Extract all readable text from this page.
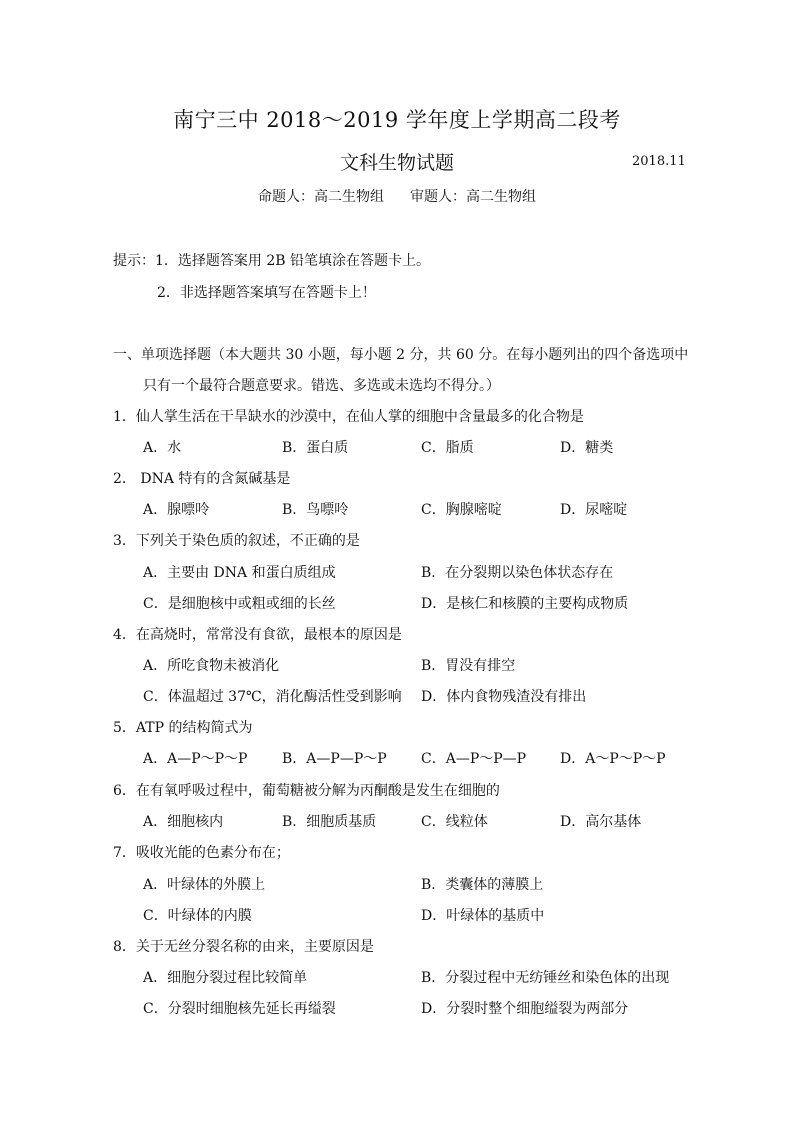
南宁三中 2018～2019 学年度上学期高二段考
文科生物试题	2018.11
命题人：高二生物组 审题人：高二生物组
提示：1．选择题答案用 2B 铅笔填涂在答题卡上。
2．非选择题答案填写在答题卡上！
一、单项选择题（本大题共 30 小题，每小题 2 分，共 60 分。在每小题列出的四个备选项中
只有一个最符合题意要求。错选、多选或未选均不得分。）
1．仙人掌生活在干旱缺水的沙漠中，在仙人掌的细胞中含量最多的化合物是
A．水	B．蛋白质	C．脂质	D．糖类
2． DNA 特有的含氮碱基是
A．腺嘌呤	B．鸟嘌呤	C．胸腺嘧啶	D．尿嘧啶
3．下列关于染色质的叙述，不正确的是
A．主要由 DNA 和蛋白质组成	B．在分裂期以染色体状态存在
C．是细胞核中或粗或细的长丝	D．是核仁和核膜的主要构成物质
4．在高烧时，常常没有食欲，最根本的原因是
A．所吃食物未被消化	B．胃没有排空
C．体温超过 37℃，消化酶活性受到影响 D．体内食物残渣没有排出
5．ATP 的结构简式为
A．A—P～P～P B．A—P—P～P C．A—P～P—P D．A～P～P～P
6．在有氧呼吸过程中，葡萄糖被分解为丙酮酸是发生在细胞的
A．细胞核内	B．细胞质基质	C．线粒体	D．高尔基体
7．吸收光能的色素分布在；
A．叶绿体的外膜上	B．类囊体的薄膜上
C．叶绿体的内膜	D．叶绿体的基质中
8．关于无丝分裂名称的由来，主要原因是
A．细胞分裂过程比较简单	B．分裂过程中无纺锤丝和染色体的出现
C．分裂时细胞核先延长再缢裂	D．分裂时整个细胞缢裂为两部分
